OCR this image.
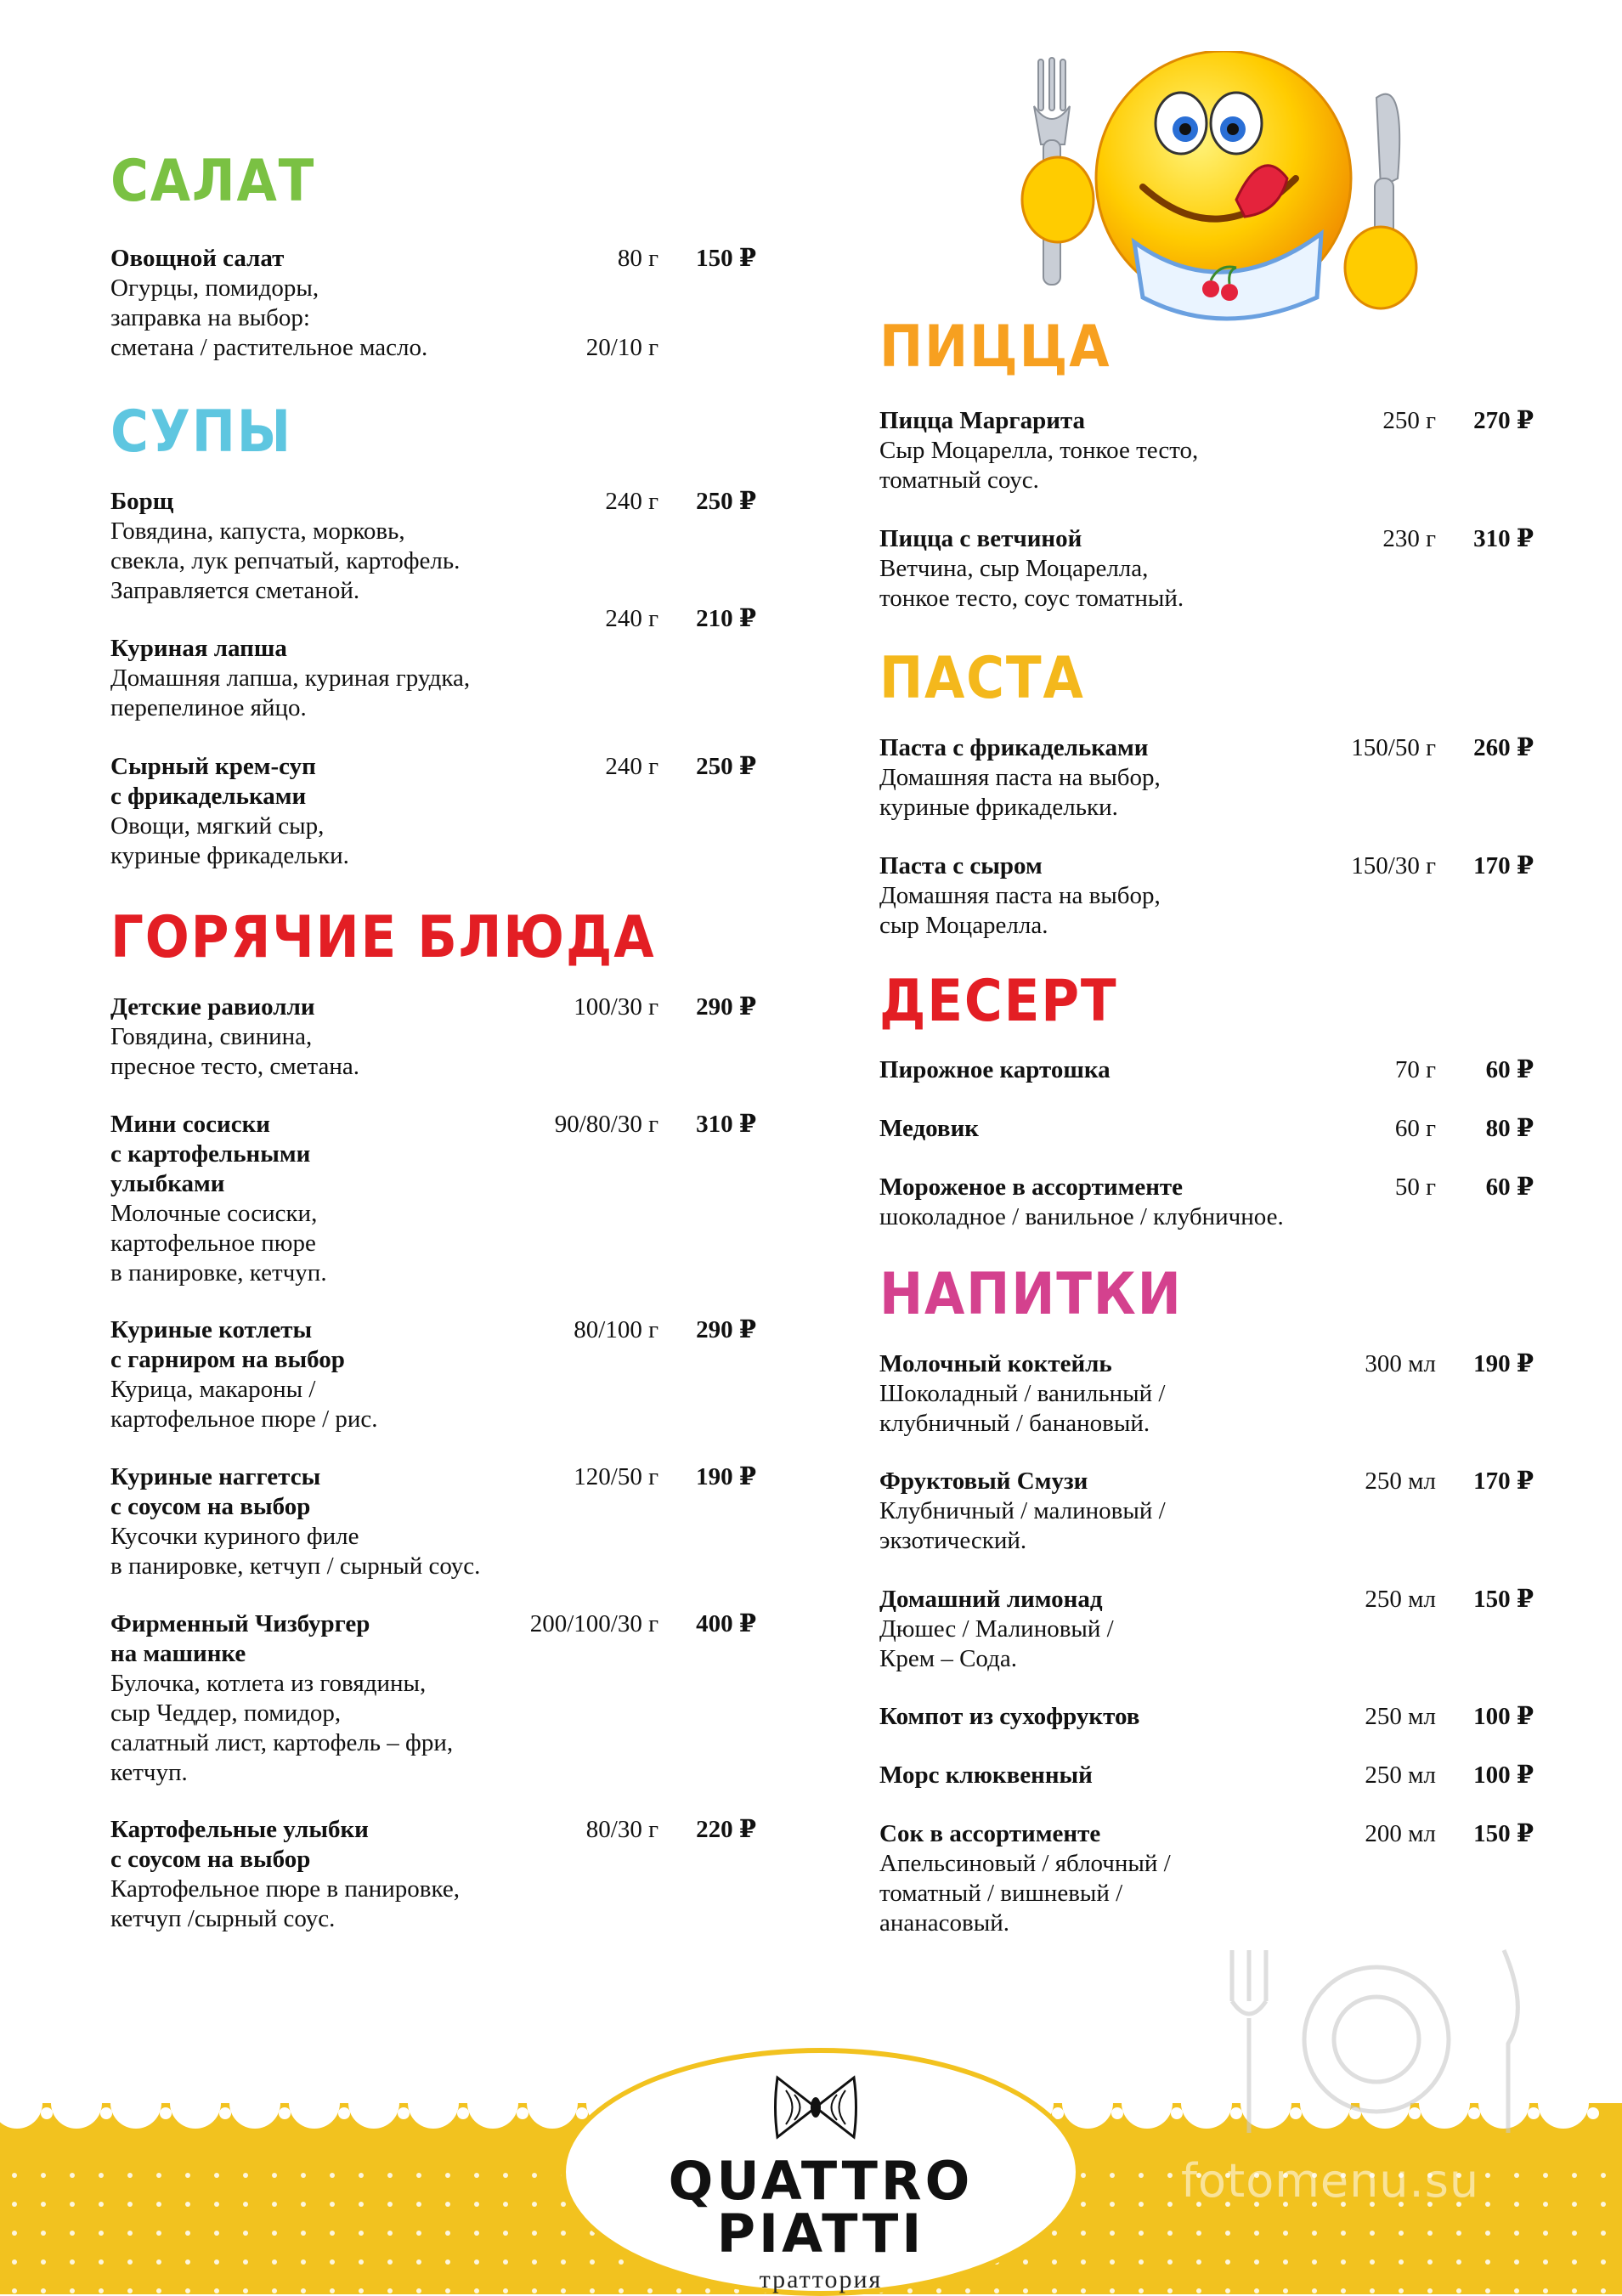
САЛАТ
Овощной салат
Огурцы, помидоры,
заправка на выбор:
сметана / растительное масло.
80 г 150 ₽
20/10 г
СУПЫ
Борщ
Говядина, капуста, морковь,
свекла, лук репчатый, картофель.
Заправляется сметаной.
240 г 250 ₽
Куриная лапша
Домашняя лапша, куриная грудка,
перепелиное яйцо.
240 г 210 ₽
Сырный крем-суп
с фрикадельками
Овощи, мягкий сыр,
куриные фрикадельки.
240 г 250 ₽
ГОРЯЧИЕ БЛЮДА
Детские равиолли
Говядина, свинина,
пресное тесто, сметана.
100/30 г 290 ₽
Мини сосиски
с картофельными
улыбками
Молочные сосиски,
картофельное пюре
в панировке, кетчуп.
90/80/30 г 310 ₽
Куриные котлеты
с гарниром на выбор
Курица, макароны /
картофельное пюре / рис.
80/100 г 290 ₽
Куриные наггетсы
с соусом на выбор
Кусочки куриного филе
в панировке, кетчуп / сырный соус.
120/50 г 190 ₽
Фирменный Чизбургер
на машинке
Булочка, котлета из говядины,
сыр Чеддер, помидор,
салатный лист, картофель – фри,
кетчуп.
200/100/30 г 400 ₽
Картофельные улыбки
с соусом на выбор
Картофельное пюре в панировке,
кетчуп /сырный соус.
80/30 г 220 ₽
ПИЦЦА
Пицца Маргарита
Сыр Моцарелла, тонкое тесто,
томатный соус.
250 г 270 ₽
Пицца с ветчиной
Ветчина, сыр Моцарелла,
тонкое тесто, соус томатный.
230 г 310 ₽
ПАСТА
Паста с фрикадельками
Домашняя паста на выбор,
куриные фрикадельки.
150/50 г 260 ₽
Паста с сыром
Домашняя паста на выбор,
сыр Моцарелла.
150/30 г 170 ₽
ДЕСЕРТ
Пирожное картошка	70 г 60 ₽
Медовик	60 г 80 ₽
Мороженое в ассортименте
шоколадное / ванильное / клубничное.
50 г 60 ₽
НАПИТКИ
Молочный коктейль
Шоколадный / ванильный /
клубничный / банановый.
300 мл 190 ₽
Фруктовый Смузи
Клубничный / малиновый /
экзотический.
250 мл 170 ₽
Домашний лимонад
Дюшес / Малиновый /
Крем – Сода.
250 мл 150 ₽
Компот из сухофруктов	250 мл 100 ₽
Морс клюквенный	250 мл 100 ₽
Сок в ассортименте
Апельсиновый / яблочный /
томатный / вишневый /
ананасовый.
200 мл 150 ₽
QUATTRO
PIATTI
траттория
fotomenu.su
